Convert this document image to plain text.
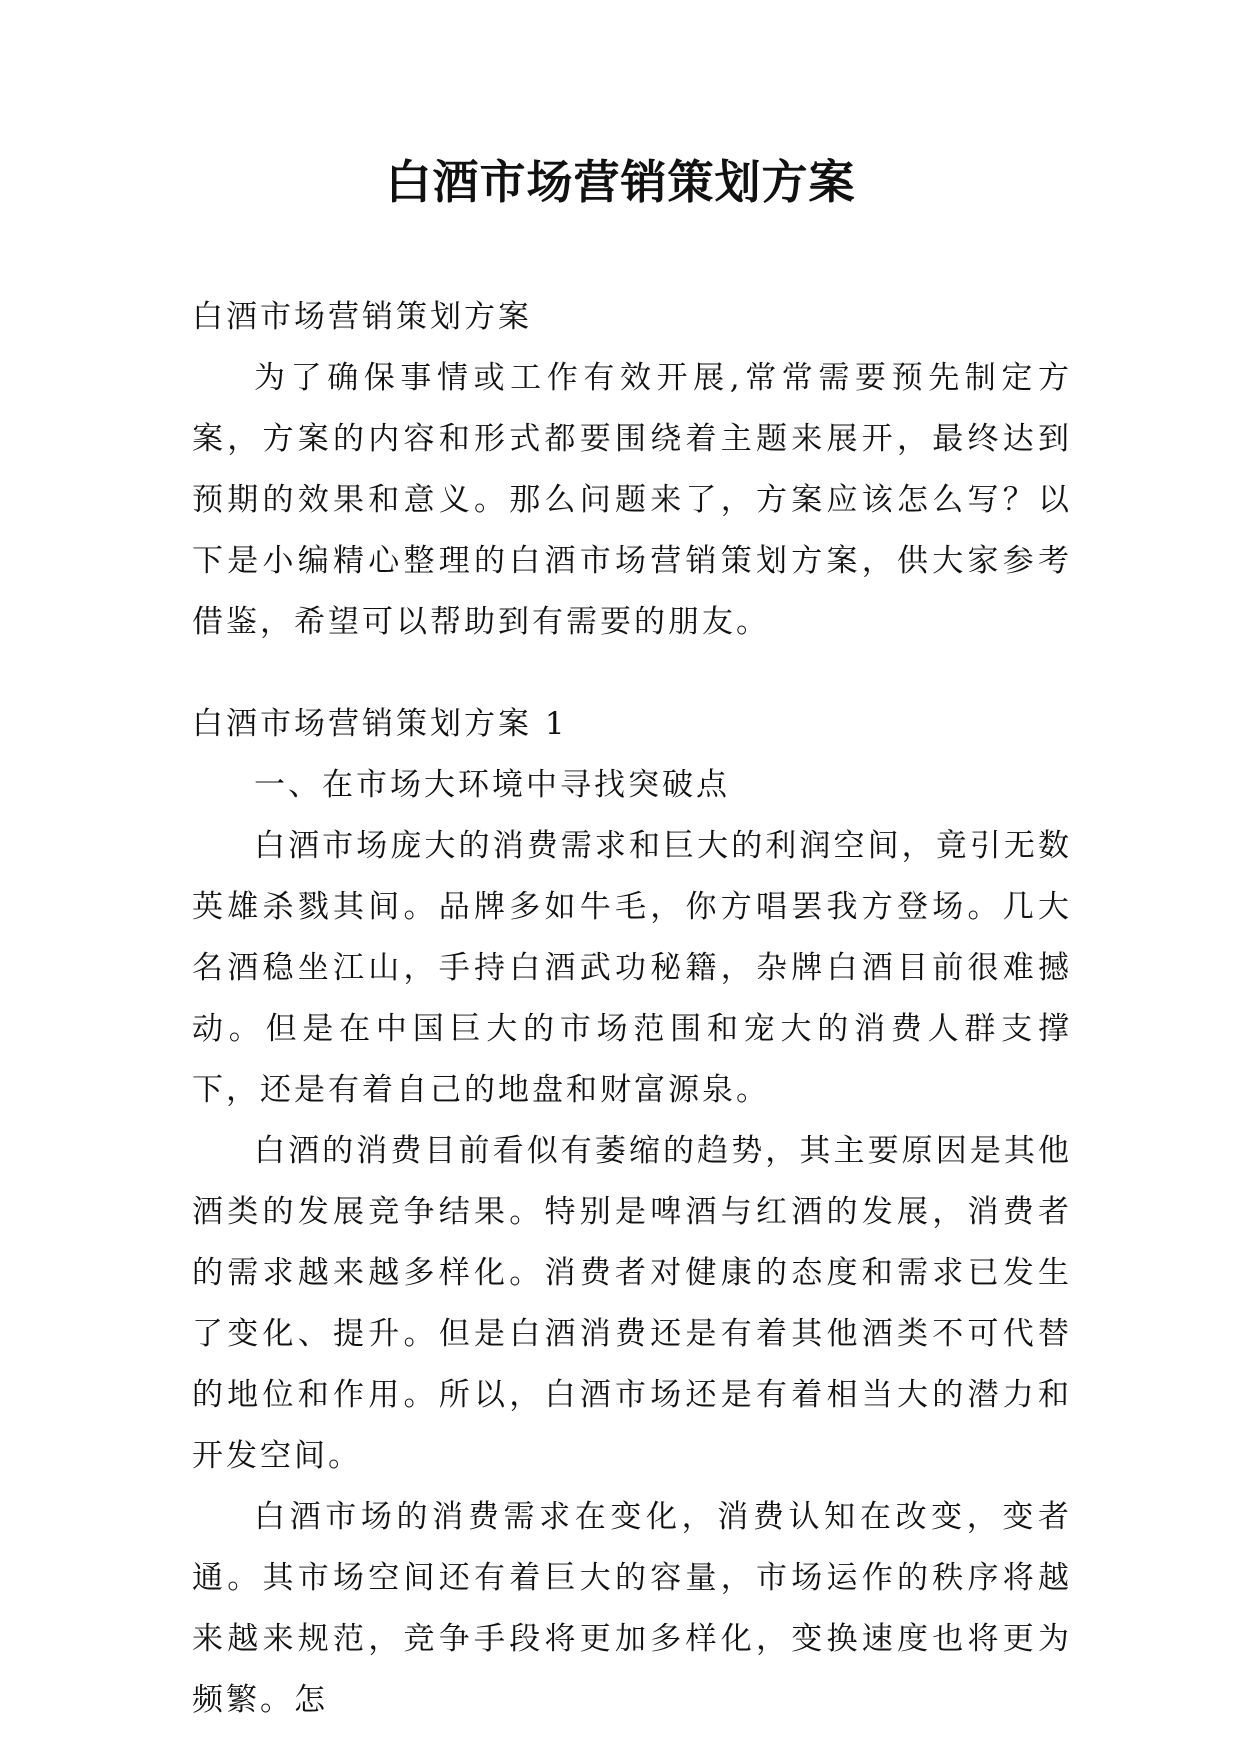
白酒市场营销策划方案

白酒市场营销策划方案

为了确保事情或工作有效开展,常常需要预先制定方案，方案的内容和形式都要围绕着主题来展开，最终达到预期的效果和意义。那么问题来了，方案应该怎么写？以下是小编精心整理的白酒市场营销策划方案，供大家参考借鉴，希望可以帮助到有需要的朋友。

白酒市场营销策划方案 1

一、在市场大环境中寻找突破点

白酒市场庞大的消费需求和巨大的利润空间，竟引无数英雄杀戮其间。品牌多如牛毛，你方唱罢我方登场。几大名酒稳坐江山，手持白酒武功秘籍，杂牌白酒目前很难撼动。但是在中国巨大的市场范围和宠大的消费人群支撑下，还是有着自己的地盘和财富源泉。

白酒的消费目前看似有萎缩的趋势，其主要原因是其他酒类的发展竞争结果。特别是啤酒与红酒的发展，消费者的需求越来越多样化。消费者对健康的态度和需求已发生了变化、提升。但是白酒消费还是有着其他酒类不可代替的地位和作用。所以，白酒市场还是有着相当大的潜力和开发空间。

白酒市场的消费需求在变化，消费认知在改变，变者通。其市场空间还有着巨大的容量，市场运作的秩序将越来越来规范，竞争手段将更加多样化，变换速度也将更为频繁。怎
